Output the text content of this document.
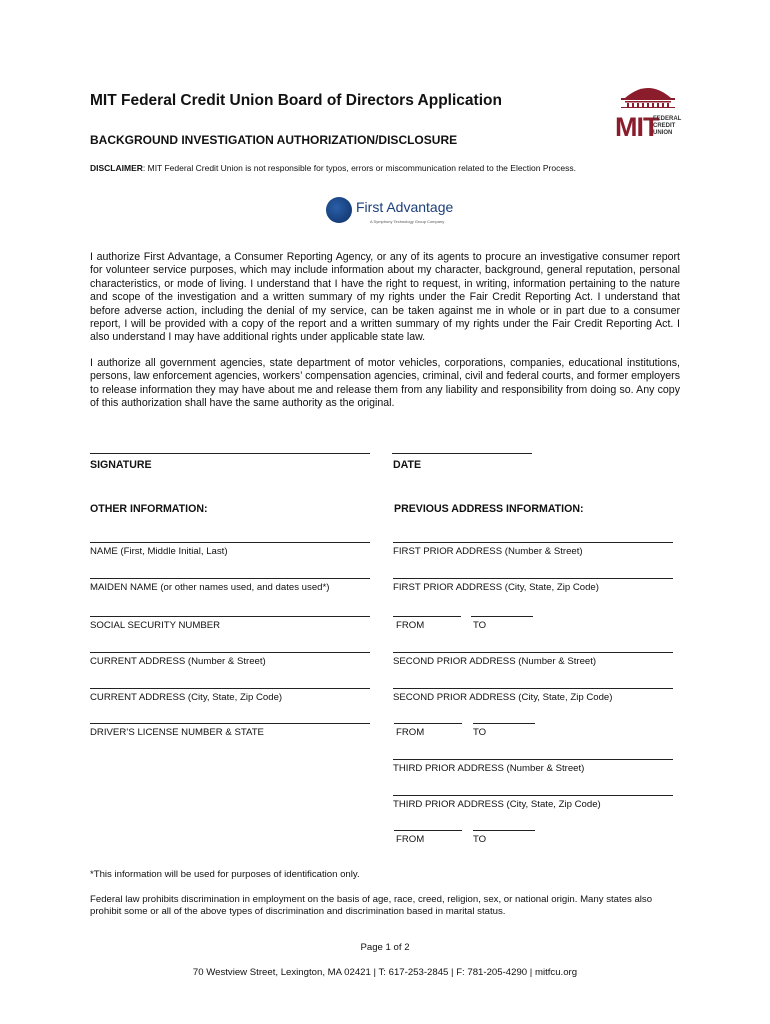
MIT Federal Credit Union Board of Directors Application
BACKGROUND INVESTIGATION AUTHORIZATION/DISCLOSURE
DISCLAIMER: MIT Federal Credit Union is not responsible for typos, errors or miscommunication related to the Election Process.
MIT
FEDERAL
CREDIT
UNION
First Advantage
A Symphony Technology Group Company
I authorize First Advantage, a Consumer Reporting Agency, or any of its agents to procure an investigative consumer report for volunteer service purposes, which may include information about my character, background, general reputation, personal characteristics, or mode of living. I understand that I have the right to request, in writing, information pertaining to the nature and scope of the investigation and a written summary of my rights under the Fair Credit Reporting Act. I understand that before adverse action, including the denial of my service, can be taken against me in whole or in part due to a consumer report, I will be provided with a copy of the report and a written summary of my rights under the Fair Credit Reporting Act. I also understand I may have additional rights under applicable state law.
I authorize all government agencies, state department of motor vehicles, corporations, companies, educational institutions, persons, law enforcement agencies, workers’ compensation agencies, criminal, civil and federal courts, and former employers to release information they may have about me and release them from any liability and responsibility from doing so. Any copy of this authorization shall have the same authority as the original.
SIGNATURE	DATE
OTHER INFORMATION:	PREVIOUS ADDRESS INFORMATION:
NAME (First, Middle Initial, Last)
MAIDEN NAME (or other names used, and dates used*)
SOCIAL SECURITY NUMBER
CURRENT ADDRESS (Number & Street)
CURRENT ADDRESS (City, State, Zip Code)
DRIVER’S LICENSE NUMBER & STATE
FIRST PRIOR ADDRESS (Number & Street)
FIRST PRIOR ADDRESS (City, State, Zip Code)
FROM	TO
SECOND PRIOR ADDRESS (Number & Street)
SECOND PRIOR ADDRESS (City, State, Zip Code)
FROM	TO
THIRD PRIOR ADDRESS (Number & Street)
THIRD PRIOR ADDRESS (City, State, Zip Code)
FROM	TO
*This information will be used for purposes of identification only.
Federal law prohibits discrimination in employment on the basis of age, race, creed, religion, sex, or national origin. Many states also prohibit some or all of the above types of discrimination and discrimination based in marital status.
Page 1 of 2
70 Westview Street, Lexington, MA 02421 | T: 617-253-2845 | F: 781-205-4290 | mitfcu.org
